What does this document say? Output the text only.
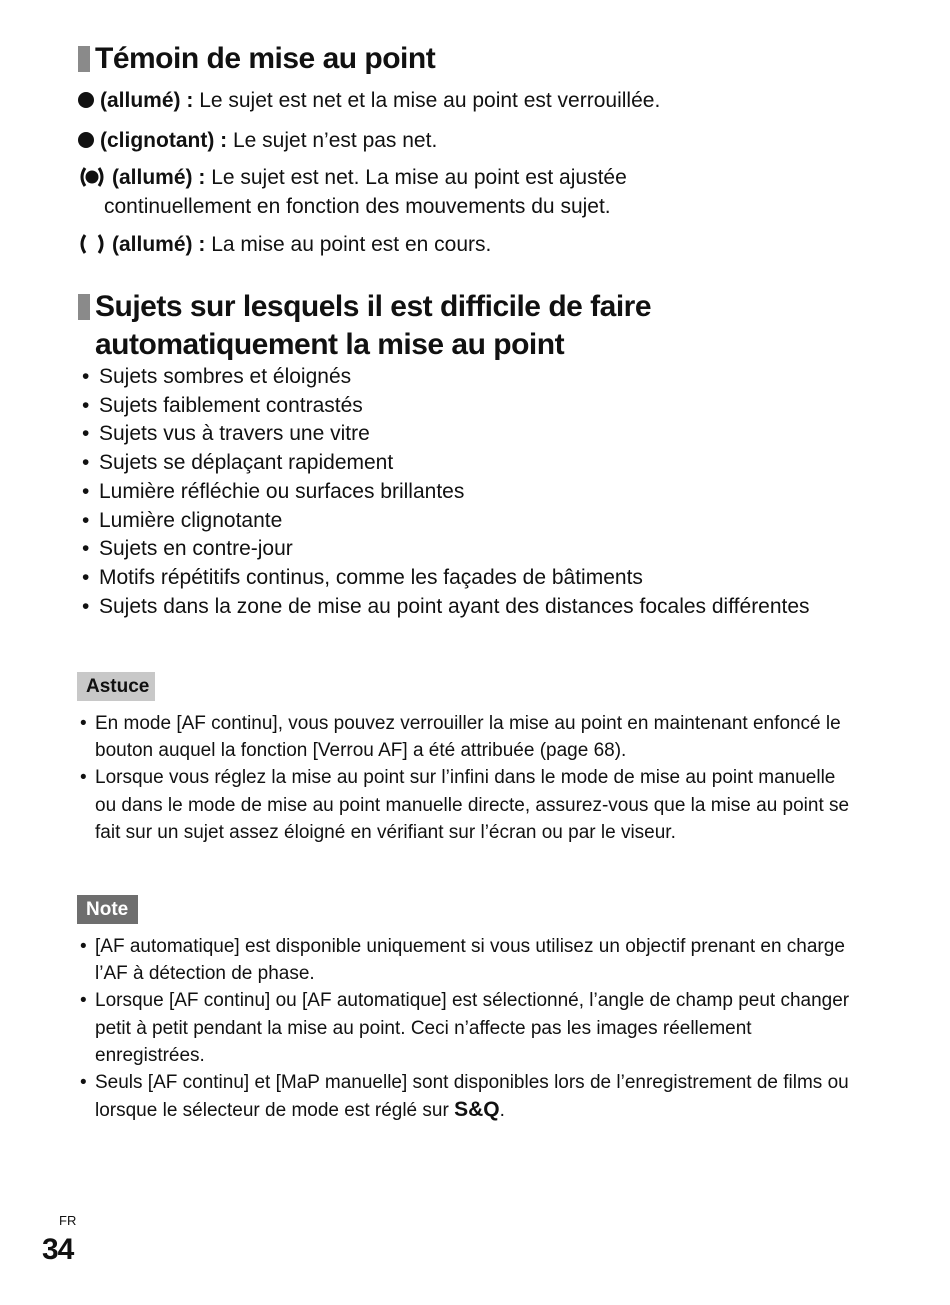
Témoin de mise au point
(allumé) : Le sujet est net et la mise au point est verrouillée.
(clignotant) : Le sujet n’est pas net.
(allumé) : Le sujet est net. La mise au point est ajustée
continuellement en fonction des mouvements du sujet.
(allumé) : La mise au point est en cours.
Sujets sur lesquels il est difficile de faire
automatiquement la mise au point
• Sujets sombres et éloignés
• Sujets faiblement contrastés
• Sujets vus à travers une vitre
• Sujets se déplaçant rapidement
• Lumière réfléchie ou surfaces brillantes
• Lumière clignotante
• Sujets en contre-jour
• Motifs répétitifs continus, comme les façades de bâtiments
• Sujets dans la zone de mise au point ayant des distances focales différentes
Astuce
• En mode [AF continu], vous pouvez verrouiller la mise au point en maintenant enfoncé le bouton auquel la fonction [Verrou AF] a été attribuée (page 68).
• Lorsque vous réglez la mise au point sur l’infini dans le mode de mise au point manuelle ou dans le mode de mise au point manuelle directe, assurez-vous que la mise au point se fait sur un sujet assez éloigné en vérifiant sur l’écran ou par le viseur.
Note
• [AF automatique] est disponible uniquement si vous utilisez un objectif prenant en charge l’AF à détection de phase.
• Lorsque [AF continu] ou [AF automatique] est sélectionné, l’angle de champ peut changer petit à petit pendant la mise au point. Ceci n’affecte pas les images réellement enregistrées.
• Seuls [AF continu] et [MaP manuelle] sont disponibles lors de l’enregistrement de films ou lorsque le sélecteur de mode est réglé sur S&Q.
FR
34
